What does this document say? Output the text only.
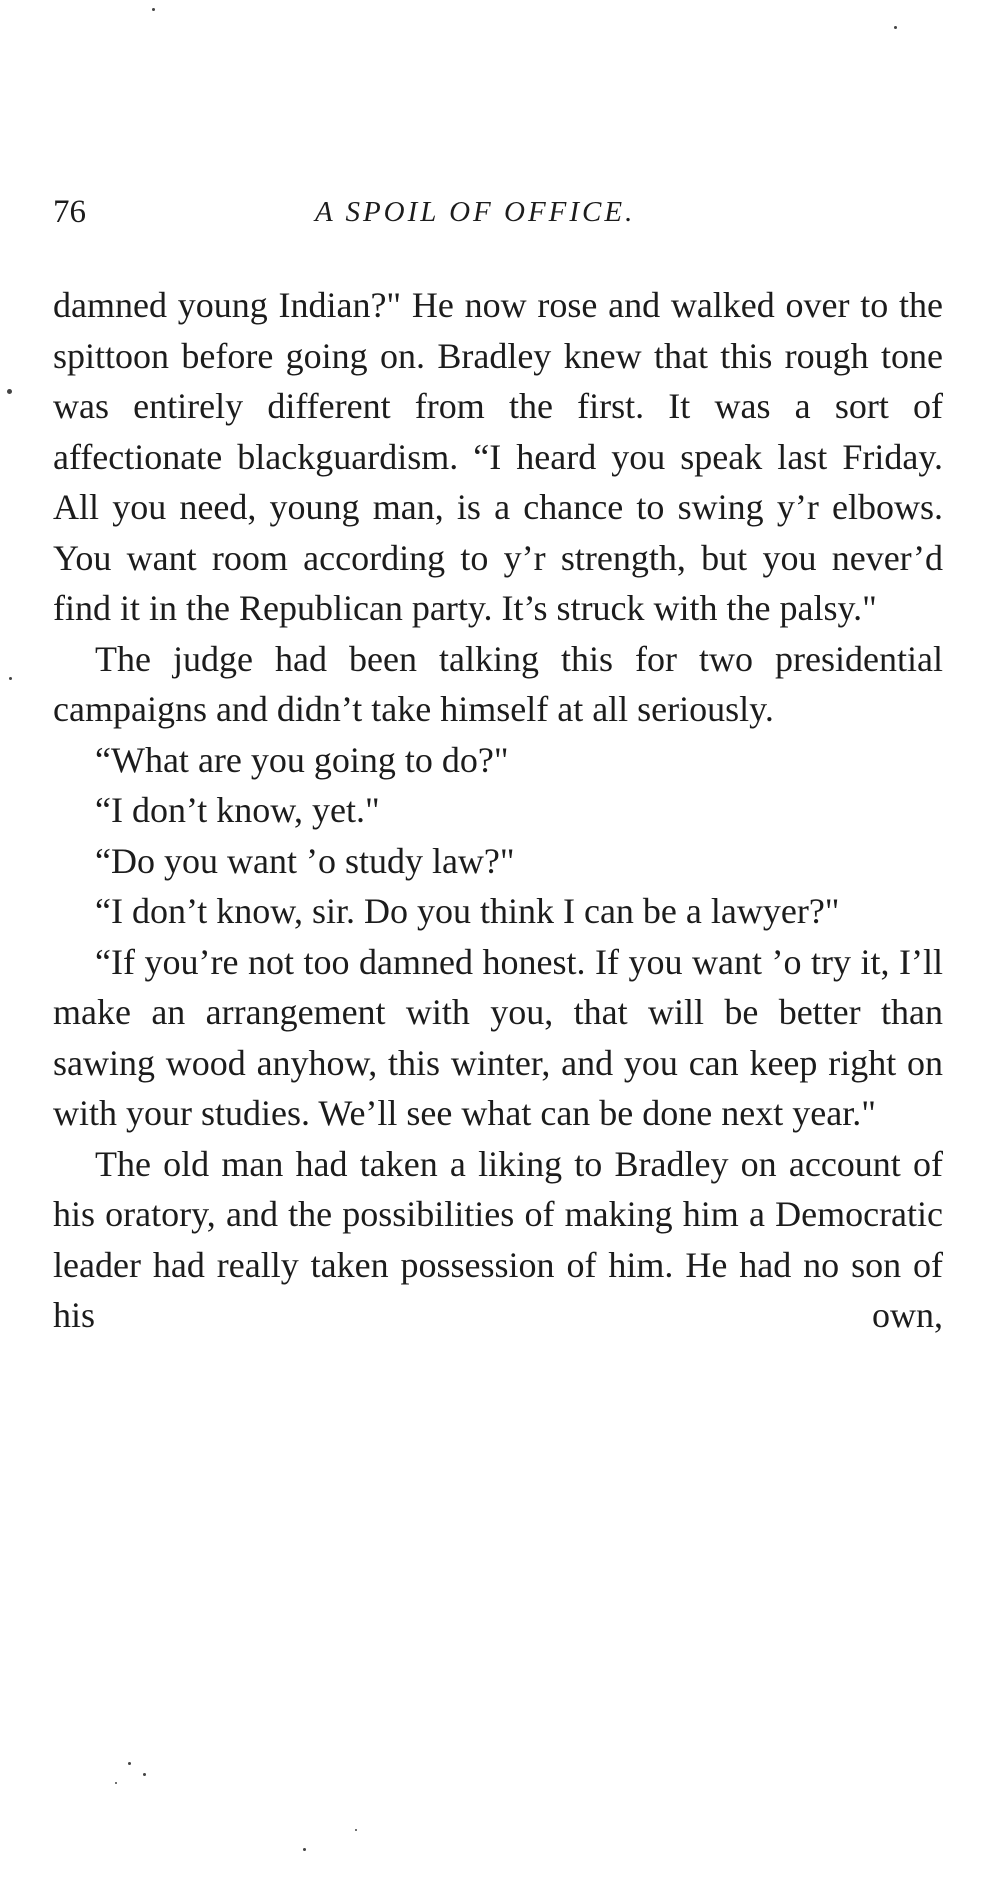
76	A SPOIL OF OFFICE.

damned young Indian?" He now rose and walked over to the spittoon before going on. Bradley knew that this rough tone was entirely different from the first. It was a sort of affectionate blackguardism. “I heard you speak last Friday. All you need, young man, is a chance to swing y’r elbows. You want room according to y’r strength, but you never’d find it in the Republican party. It’s struck with the palsy."

The judge had been talking this for two presidential campaigns and didn’t take himself at all seriously.

“What are you going to do?"

“I don’t know, yet."

“Do you want ’o study law?"

“I don’t know, sir. Do you think I can be a lawyer?"

“If you’re not too damned honest. If you want ’o try it, I’ll make an arrangement with you, that will be better than sawing wood anyhow, this winter, and you can keep right on with your studies. We’ll see what can be done next year."

The old man had taken a liking to Bradley on account of his oratory, and the possibilities of making him a Democratic leader had really taken possession of him. He had no son of his own,
